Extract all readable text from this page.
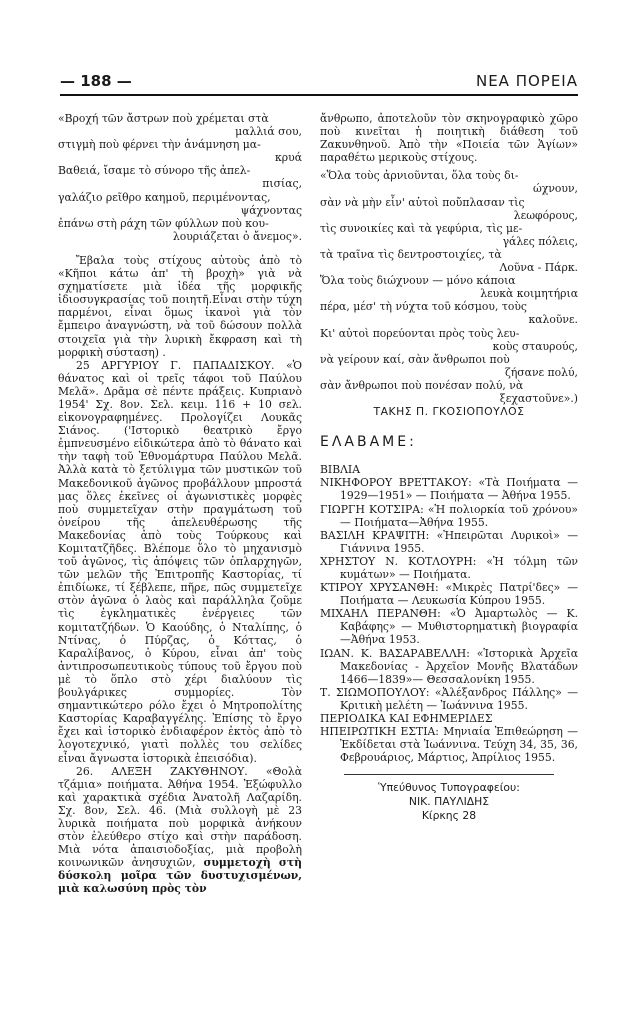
— 188 —	ΝΕΑ ΠΟΡΕΙΑ

«Βροχή τῶν ἄστρων ποὺ χρέμεται στὰ

μαλλιά σου,

στιγμὴ ποὺ φέρνει τὴν ἀνάμνηση μα-

κρυά

Βαθειά, ἴσαμε τὸ σύνορο τῆς ἀπελ-

πισίας,

γαλάζιο ρεῖθρο καημοῦ, περιμένοντας,

ψάχνοντας

ἐπάνω στὴ ράχη τῶν φύλλων ποὺ κου-

λουριάζεται ὁ ἄνεμος».

Ἔβαλα τοὺς στίχους αὐτοὺς ἀπὸ τὸ «Κῆποι κάτω ἀπ' τὴ βροχὴ» γιὰ νὰ σχηματίσετε μιὰ ἰδέα τῆς μορφικῆς ἰδιοσυγκρασίας τοῦ ποιητῆ.Εἶναι στὴν τύχη παρμένοι, εἶναι ὅμως ἱκανοὶ γιὰ τὸν ἔμπειρο ἀναγνώστη, νὰ τοῦ δώσουν πολλὰ στοιχεῖα γιὰ τὴν λυρικὴ ἔκφραση καὶ τὴ μορφικὴ σύσταση) .

25 ΑΡΓΥΡΙΟΥ Γ. ΠΑΠΑΔΙΣΚΟΥ. «Ὁ θάνατος καὶ οἱ τρεῖς τάφοι τοῦ Παύλου Μελᾶ». Δρᾶμα σὲ πέντε πράξεις. Κυπριανὸ 1954' Σχ. 8ον. Σελ. κειμ. 116 + 10 σελ. εἰκονογραφημένες. Προλογίζει Λουκᾶς Σιάνος. ('Ιστορικὸ θεατρικὸ ἔργο ἐμπνευσμένο εἰδικώτερα ἀπὸ τὸ θάνατο καὶ τὴν ταφὴ τοῦ Ἐθνομάρτυρα Παύλου Μελᾶ. Ἀλλὰ κατὰ τὸ ξετύλιγμα τῶν μυστικῶν τοῦ Μακεδονικοῦ ἀγῶνος προβάλλουν μπροστά μας ὅλες ἐκεῖνες οἱ ἀγωνιστικὲς μορφὲς ποὺ συμμετεῖχαν στὴν πραγμάτωση τοῦ ὀνείρου τῆς ἀπελευθέρωσης τῆς Μακεδονίας ἀπὸ τοὺς Τούρκους καὶ Κομιτατζῆδες. Βλέπομε ὅλο τὸ μηχανισμὸ τοῦ ἀγῶνος, τὶς ἀπόψεις τῶν ὁπλαρχηγῶν, τῶν μελῶν τῆς Ἐπιτροπῆς Καστορίας, τί ἐπιδίωκε, τί ξέβλεπε, πῆρε, πῶς συμμετεῖχε στὸν ἀγῶνα ὁ λαὸς καὶ παράλληλα ζοῦμε τὶς ἐγκληματικὲς ἐνέργειες τῶν κομιτατζήδων. Ὁ Καούδης, ὁ Νταλίπης, ὁ Ντίνας, ὁ Πύρζας, ὁ Κόττας, ὁ Καραλίβανος, ὁ Κύρου, εἶναι ἀπ' τοὺς ἀντιπροσωπευτικοὺς τύπους τοῦ ἔργου ποὺ μὲ τὸ ὅπλο στὸ χέρι διαλύουν τὶς βουλγάρικες συμμορίες. Τὸν σημαντικώτερο ρόλο ἔχει ὁ Μητροπολίτης Καστορίας Καραβαγγέλης. Ἐπίσης τὸ ἔργο ἔχει καὶ ἱστορικὸ ἐνδιαφέρον ἐκτὸς ἀπὸ τὸ λογοτεχνικό, γιατὶ πολλὲς του σελίδες εἶναι ἄγνωστα ἱστορικὰ ἐπεισόδια).

26. ΑΛΕΞΗ ΖΑΚΥΘΗΝΟΥ. «Θολὰ τζάμια» ποιήματα. Ἀθήνα 1954. Ἐξώφυλλο καὶ χαρακτικὰ σχέδια Ἀνατολῆ Λαζαρίδη. Σχ. 8ον, Σελ. 46. (Μιὰ συλλογὴ μὲ 23 λυρικὰ ποιήματα ποὺ μορφικὰ ἀνήκουν στὸν ἐλεύθερο στίχο καὶ στὴν παράδοση. Μιὰ νότα ἀπαισιοδοξίας, μιὰ προβολὴ κοινωνικῶν ἀνησυχιῶν, συμμετοχὴ στὴ δύσκολη μοῖρα τῶν δυστυχισμένων, μιὰ καλωσύνη πρὸς τὸν

ἄνθρωπο, ἀποτελοῦν τὸν σκηνογραφικὸ χῶρο ποὺ κινεῖται ἡ ποιητικὴ διάθεση τοῦ Ζακυνθηνοῦ. Ἀπὸ τὴν «Ποιεία τῶν Ἁγίων» παραθέτω μερικοὺς στίχους.

«Ὅλα τοὺς ἀρνιοῦνται, ὅλα τοὺς δι-

ώχνουν,

σὰν νὰ μὴν εἶν' αὐτοὶ ποὔπλασαν τὶς

λεωφόρους,

τὶς συνοικίες καὶ τὰ γεφύρια, τὶς με-

γάλες πόλεις,

τὰ τραῖνα τὶς δεντροστοιχίες, τὰ

Λοῦνα - Πάρκ.

Ὅλα τοὺς διώχνουν — μόνο κάποια

λευκὰ κοιμητήρια

πέρα, μέσ' τὴ νύχτα τοῦ κόσμου, τοὺς

καλοῦνε.

Κι' αὐτοὶ πορεύονται πρὸς τοὺς λευ-

κοὺς σταυρούς,

νὰ γείρουν καί, σὰν ἄνθρωποι ποὺ

ζήσανε πολύ,

σὰν ἄνθρωποι ποὺ πονέσαν πολύ, νὰ

ξεχαστοῦνε».)

ΤΑΚΗΣ Π. ΓΚΟΣΙΟΠΟΥΛΟΣ

ΕΛΑΒΑΜΕ:

ΒΙΒΛΙΑ

ΝΙΚΗΦΟΡΟΥ ΒΡΕΤΤΑΚΟΥ: «Τὰ Ποιήματα — 1929—1951» — Ποιήματα — Ἀθήνα 1955.

ΓΙΩΡΓΗ ΚΟΤΣΙΡΑ: «Ἡ πολιορκία τοῦ χρόνου» — Ποιήματα—Ἀθήνα 1955.

ΒΑΣΙΛΗ ΚΡΑΨΙΤΗ: «Ἠπειρῶται Λυρικοὶ» — Γιάννινα 1955.

ΧΡΗΣΤΟΥ Ν. ΚΟΤΛΟΥΡΗ: «Ἡ τόλμη τῶν κυμάτων» — Ποιήματα.

ΚΤΙΡΟΥ ΧΡΥΣΑΝΘΗ: «Μικρὲς Πατρί'δες» — Ποιήματα — Λευκωσία Κύπρου 1955.

ΜΙΧΑΗΛ ΠΕΡΑΝΘΗ: «Ὁ Ἀμαρτωλὸς — Κ. Καβάφης» — Μυθιστορηματικὴ βιογραφία—Ἀθήνα 1953.

ΙΩΑΝ. Κ. ΒΑΣΑΡΑΒΕΛΛΗ: «Ἱστορικὰ Ἀρχεῖα Μακεδονίας - Ἀρχεῖον Μονῆς Βλατάδων 1466—1839»— Θεσσαλονίκη 1955.

Τ. ΣΙΩΜΟΠΟΥΛΟΥ: «Ἀλέξανδρος Πάλλης» — Κριτικὴ μελέτη — Ἰωάννινα 1955.

ΠΕΡΙΟΔΙΚΑ ΚΑΙ ΕΦΗΜΕΡΙΔΕΣ

ΗΠΕΙΡΩΤΙΚΗ ΕΣΤΙΑ: Μηνιαία Ἐπιθεώρηση — Ἐκδίδεται στὰ Ἰωάννινα. Τεύχη 34, 35, 36, Φεβρουάριος, Μάρτιος, Ἀπρίλιος 1955.

Ὑπεύθυνος Τυπογραφείου:
ΝΙΚ. ΠΑΥΛΙΔΗΣ
Κίρκης 28
